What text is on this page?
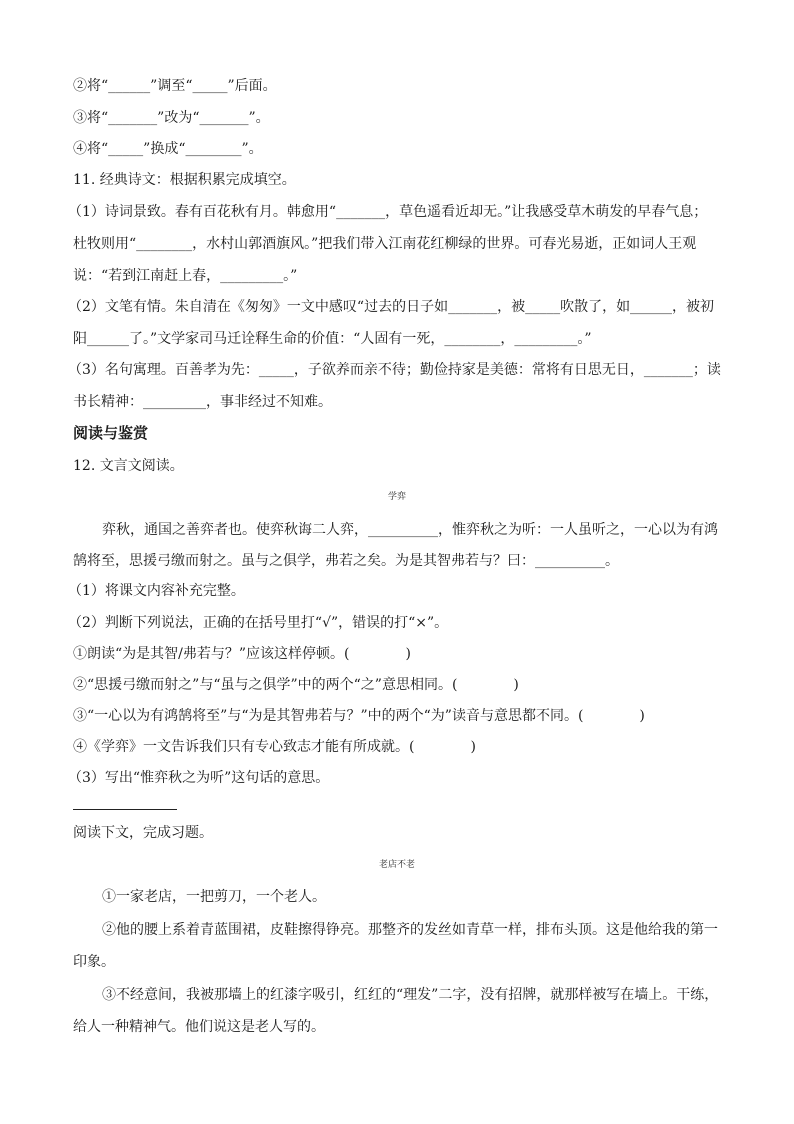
②将“______”调至“_____”后面。
③将“_______”改为“_______”。
④将“_____”换成“________”。
11. 经典诗文：根据积累完成填空。
（1）诗词景致。春有百花秋有月。韩愈用“_______，草色遥看近却无。”让我感受草木萌发的早春气息；
杜牧则用“________，水村山郭酒旗风。”把我们带入江南花红柳绿的世界。可春光易逝，正如词人王观
说：“若到江南赶上春，_________。”
（2）文笔有情。朱自清在《匆匆》一文中感叹“过去的日子如_______，被_____吹散了，如______，被初
阳______了。”文学家司马迁诠释生命的价值：“人固有一死，________，_________。”
（3）名句寓理。百善孝为先：_____，子欲养而亲不待；勤俭持家是美德：常将有日思无日，_______；读
书长精神：_________，事非经过不知难。
阅读与鉴赏
12. 文言文阅读。
学弈
弈秋，通国之善弈者也。使弈秋诲二人弈，__________，惟弈秋之为听：一人虽听之，一心以为有鸿
鹄将至，思援弓缴而射之。虽与之俱学，弗若之矣。为是其智弗若与？曰：__________。
（1）将课文内容补充完整。
（2）判断下列说法，正确的在括号里打“√”，错误的打“×”。
①朗读“为是其智/弗若与？”应该这样停顿。(　　　　)
②“思援弓缴而射之”与“虽与之俱学”中的两个“之”意思相同。(　　　　)
③“一心以为有鸿鹄将至”与“为是其智弗若与？”中的两个“为”读音与意思都不同。(　　　　)
④《学弈》一文告诉我们只有专心致志才能有所成就。(　　　　)
（3）写出“惟弈秋之为听”这句话的意思。
阅读下文，完成习题。
老店不老
①一家老店，一把剪刀，一个老人。
②他的腰上系着青蓝围裙，皮鞋擦得铮亮。那整齐的发丝如青草一样，排布头顶。这是他给我的第一
印象。
③不经意间，我被那墙上的红漆字吸引，红红的“理发”二字，没有招牌，就那样被写在墙上。干练，
给人一种精神气。他们说这是老人写的。
